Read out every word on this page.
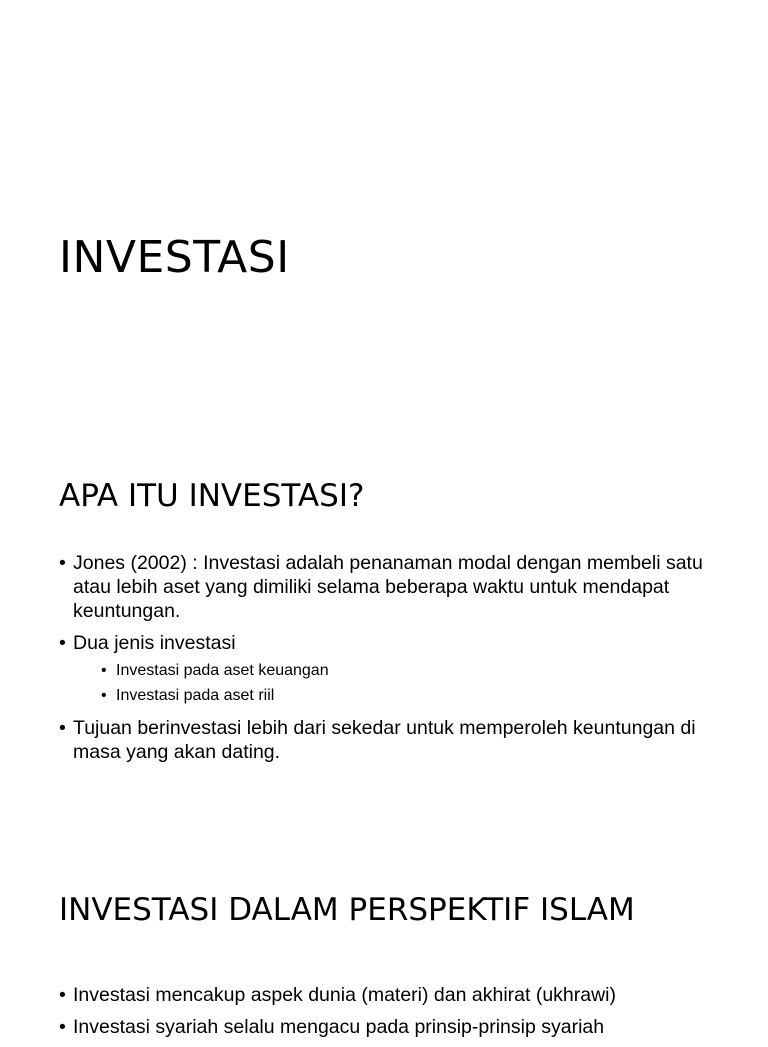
INVESTASI
APA ITU INVESTASI?
• Jones (2002) : Investasi adalah penanaman modal dengan membeli satu atau lebih aset yang dimiliki selama beberapa waktu untuk mendapat keuntungan.
• Dua jenis investasi
• Investasi pada aset keuangan
• Investasi pada aset riil
• Tujuan berinvestasi lebih dari sekedar untuk memperoleh keuntungan di masa yang akan dating.
INVESTASI DALAM PERSPEKTIF ISLAM
• Investasi mencakup aspek dunia (materi) dan akhirat (ukhrawi)
• Investasi syariah selalu mengacu pada prinsip-prinsip syariah
